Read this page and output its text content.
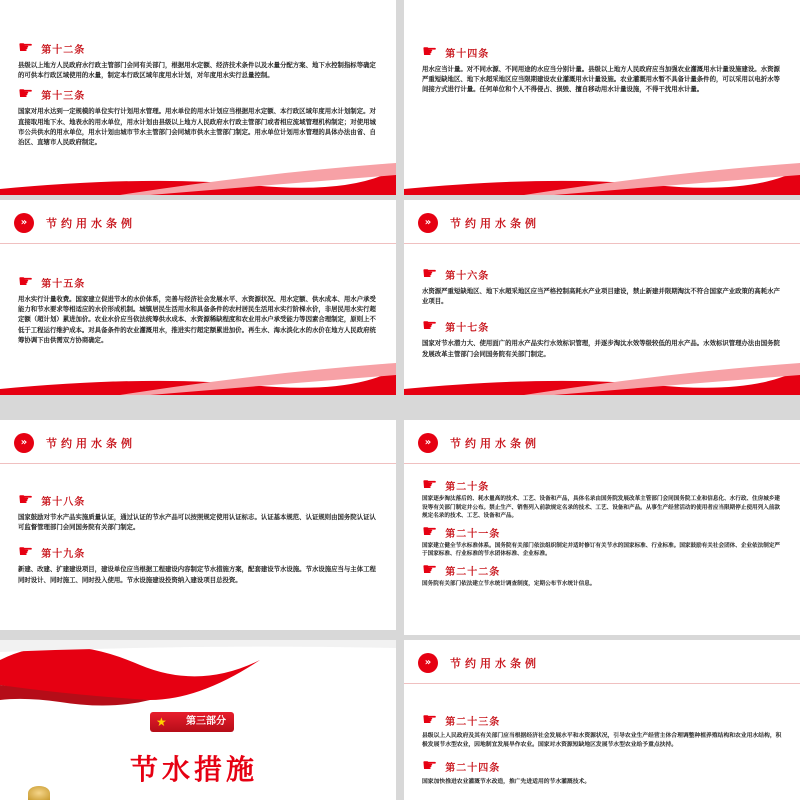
☛ 第十二条

县级以上地方人民政府水行政主管部门会同有关部门，根据用水定额、经济技术条件以及水量分配方案、地下水控制指标等确定的可供本行政区域使用的水量，制定本行政区域年度用水计划，对年度用水实行总量控制。

☛ 第十三条

国家对用水达到一定规模的单位实行计划用水管理。用水单位的用水计划应当根据用水定额、本行政区域年度用水计划制定。对直接取用地下水、地表水的用水单位，用水计划由县级以上地方人民政府水行政主管部门或者相应流域管理机构制定；对使用城市公共供水的用水单位，用水计划由城市节水主管部门会同城市供水主管部门制定。用水单位计划用水管理的具体办法由省、自治区、直辖市人民政府制定。

☛ 第十四条

用水应当计量。对不同水源、不同用途的水应当分别计量。县级以上地方人民政府应当加强农业灌溉用水计量设施建设。水资源严重短缺地区、地下水超采地区应当限期建设农业灌溉用水计量设施。农业灌溉用水暂不具备计量条件的，可以采用以电折水等间接方式进行计量。任何单位和个人不得侵占、损毁、擅自移动用水计量设施，不得干扰用水计量。

»	节约用水条例
☛ 第十五条

用水实行计量收费。国家建立促进节水的水价体系，完善与经济社会发展水平、水资源状况、用水定额、供水成本、用水户承受能力和节水要求等相适应的水价形成机制。城镇居民生活用水和具备条件的农村居民生活用水实行阶梯水价，非居民用水实行超定额（超计划）累进加价。农业水价应当依法统筹供水成本、水资源稀缺程度和农业用水户承受能力等因素合理制定，原则上不低于工程运行维护成本。对具备条件的农业灌溉用水，推进实行超定额累进加价。再生水、海水淡化水的水价在地方人民政府统筹协调下由供需双方协商确定。

»	节约用水条例
☛ 第十六条

水资源严重短缺地区、地下水超采地区应当严格控制高耗水产业项目建设，禁止新建并限期淘汰不符合国家产业政策的高耗水产业项目。

☛ 第十七条

国家对节水潜力大、使用面广的用水产品实行水效标识管理，并逐步淘汰水效等级较低的用水产品。水效标识管理办法由国务院发展改革主管部门会同国务院有关部门制定。

»	节约用水条例
☛ 第十八条

国家鼓励对节水产品实施质量认证，通过认证的节水产品可以按照规定使用认证标志。认证基本规范、认证规则由国务院认证认可监督管理部门会同国务院有关部门制定。

☛ 第十九条

新建、改建、扩建建设项目，建设单位应当根据工程建设内容制定节水措施方案，配套建设节水设施。节水设施应当与主体工程同时设计、同时施工、同时投入使用。节水设施建设投资纳入建设项目总投资。

»	节约用水条例
☛ 第二十条

国家逐步淘汰落后的、耗水量高的技术、工艺、设备和产品，具体名录由国务院发展改革主管部门会同国务院工业和信息化、水行政、住房城乡建设等有关部门制定并公布。禁止生产、销售列入前款规定名录的技术、工艺、设备和产品。从事生产经营活动的使用者应当限期停止使用列入前款规定名录的技术、工艺、设备和产品。

☛ 第二十一条

国家建立健全节水标准体系。国务院有关部门依法组织制定并适时修订有关节水的国家标准、行业标准。国家鼓励有关社会团体、企业依法制定严于国家标准、行业标准的节水团体标准、企业标准。

☛ 第二十二条

国务院有关部门依法建立节水统计调查制度，定期公布节水统计信息。

★ 第三部分
节水措施
»	节约用水条例
☛ 第二十三条

县级以上人民政府及其有关部门应当根据经济社会发展水平和水资源状况，引导农业生产经营主体合理调整种植养殖结构和农业用水结构，积极发展节水型农业，因地制宜发展旱作农业。国家对水资源短缺地区发展节水型农业给予重点扶持。

☛ 第二十四条

国家加快推进农业灌溉节水改造，推广先进适用的节水灌溉技术。
